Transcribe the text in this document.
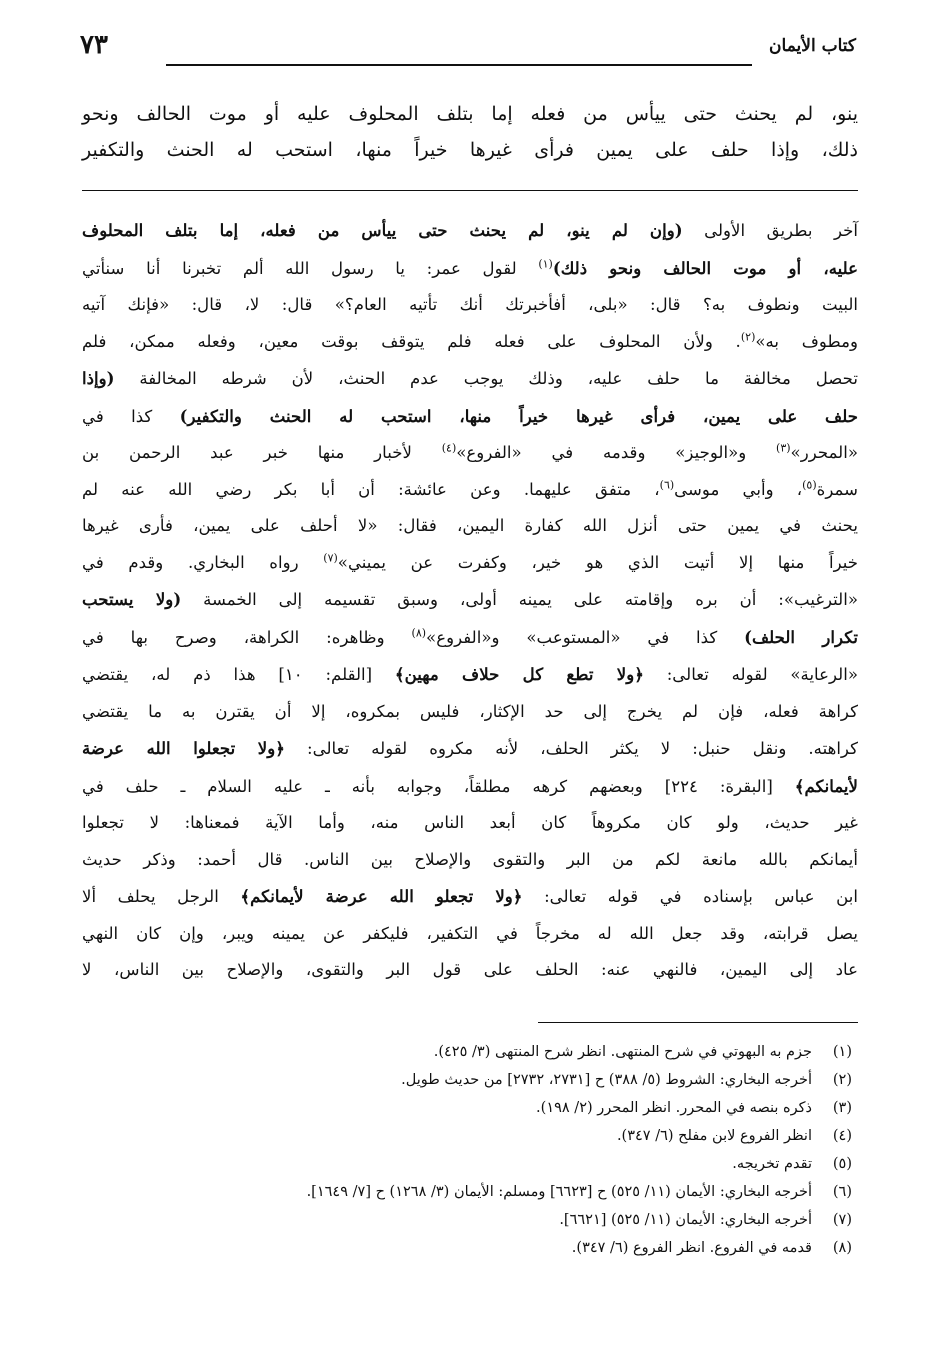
كتاب الأيمان
٧٣

ينو، لم يحنث حتى ييأس من فعله إما بتلف المحلوف عليه أو موت الحالف ونحو

ذلك، وإذا حلف على يمين فرأى غيرها خيراً منها، استحب له الحنث والتكفير

آخر بطريق الأولى (وإن لم ينو، لم يحنث حتى ييأس من فعله، إما بتلف المحلوف

عليه، أو موت الحالف ونحو ذلك)$^{(١)}$ لقول عمر: يا رسول الله ألم تخبرنا أنا سنأتي

البيت ونطوف به؟ قال: «بلى، أفأخبرتك أنك تأتيه العام؟» قال: لا، قال: «فإنك آتيه

ومطوف به»$^{(٢)}$. ولأن المحلوف على فعله فلم يتوقف بوقت معين، وفعله ممكن، فلم

تحصل مخالفة ما حلف عليه، وذلك يوجب عدم الحنث، لأن شرطه المخالفة (وإذا

حلف على يمين، فرأى غيرها خيراً منها، استحب له الحنث والتكفير) كذا في

«المحرر»$^{(٣)}$ و«الوجيز» وقدمه في «الفروع»$^{(٤)}$ لأخبار منها خبر عبد الرحمن بن

سمرة$^{(٥)}$، وأبي موسى$^{(٦)}$، متفق عليهما. وعن عائشة: أن أبا بكر رضي الله عنه لم

يحنث في يمين حتى أنزل الله كفارة اليمين، فقال: «لا أحلف على يمين، فأرى غيرها

خيراً منها إلا أتيت الذي هو خير، وكفرت عن يميني»$^{(٧)}$ رواه البخاري. وقدم في

«الترغيب»: أن بره وإقامته على يمينه أولى، وسبق تقسيمه إلى الخمسة (ولا يستحب

تكرار الحلف) كذا في «المستوعب» و«الفروع»$^{(٨)}$ وظاهره: الكراهة، وصرح بها في

«الرعاية» لقوله تعالى: ﴿ولا تطع كل حلاف مهين﴾ [القلم: ١٠] هذا ذم له، يقتضي

كراهة فعله، فإن لم يخرج إلى حد الإكثار، فليس بمكروه، إلا أن يقترن به ما يقتضي

كراهته. ونقل حنبل: لا يكثر الحلف، لأنه مكروه لقوله تعالى: ﴿ولا تجعلوا الله عرضة

لأيمانكم﴾ [البقرة: ٢٢٤] وبعضهم كرهه مطلقاً، وجوابه بأنه ـ عليه السلام ـ حلف في

غير حديث، ولو كان مكروهاً كان أبعد الناس منه، وأما الآية فمعناها: لا تجعلوا

أيمانكم بالله مانعة لكم من البر والتقوى والإصلاح بين الناس. قال أحمد: وذكر حديث

ابن عباس بإسناده في قوله تعالى: ﴿ولا تجعلو الله عرضة لأيمانكم﴾ الرجل يحلف ألا

يصل قرابته، وقد جعل الله له مخرجاً في التكفير، فليكفر عن يمينه ويبر، وإن كان النهي

عاد إلى اليمين، فالنهي عنه: الحلف على قول البر والتقوى، والإصلاح بين الناس، لا

(١)جزم به البهوتي في شرح المنتهى. انظر شرح المنتهى (٣/ ٤٢٥).
(٢)أخرجه البخاري: الشروط (٥/ ٣٨٨) ح [٢٧٣١، ٢٧٣٢] من حديث طويل.
(٣)ذكره بنصه في المحرر. انظر المحرر (٢/ ١٩٨).
(٤)انظر الفروع لابن مفلح (٦/ ٣٤٧).
(٥)تقدم تخريجه.
(٦)أخرجه البخاري: الأيمان (١١/ ٥٢٥) ح [٦٦٢٣] ومسلم: الأيمان (٣/ ١٢٦٨) ح [٧/ ١٦٤٩].
(٧)أخرجه البخاري: الأيمان (١١/ ٥٢٥) [٦٦٢١].
(٨)قدمه في الفروع. انظر الفروع (٦/ ٣٤٧).
